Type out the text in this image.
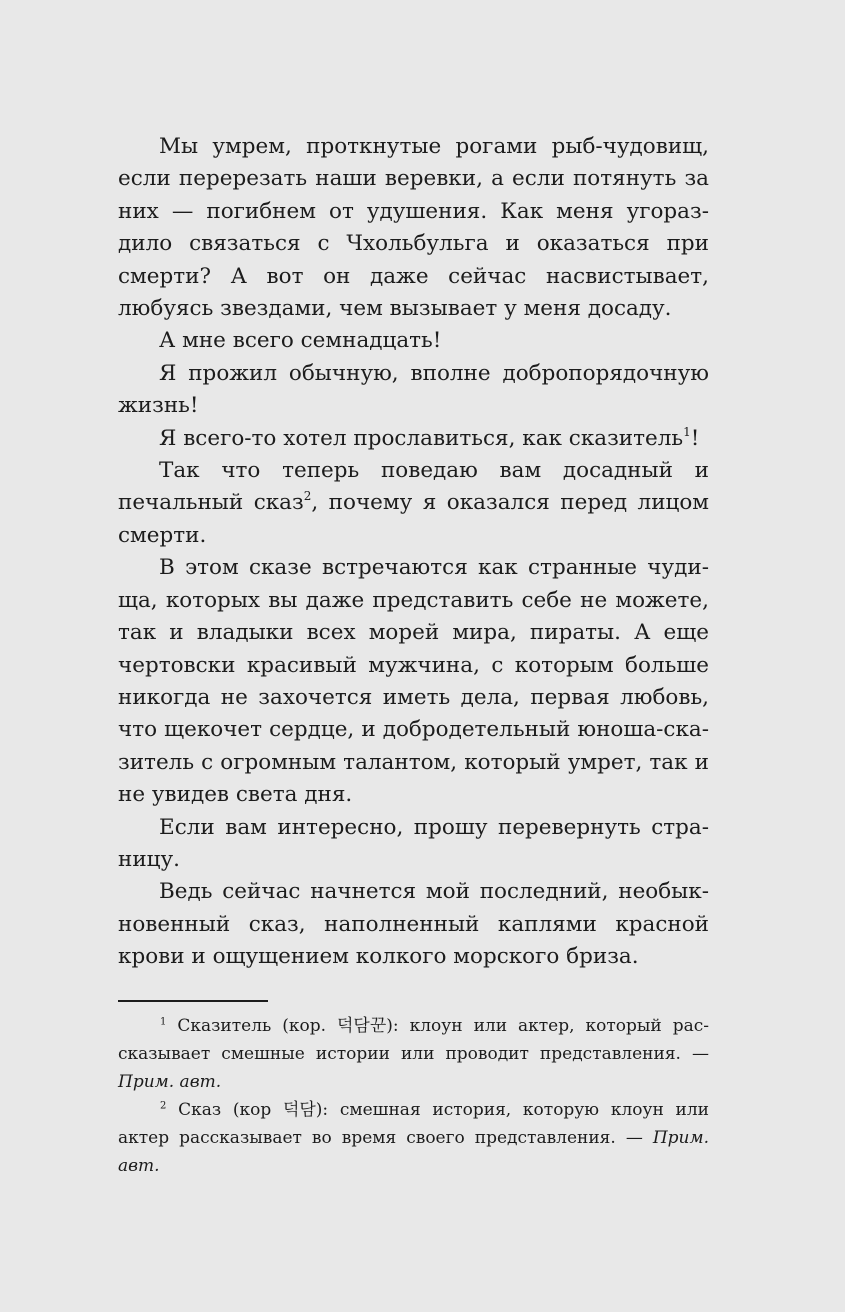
Мы умрем, проткнутые рогами рыб-чудовищ, если перерезать наши веревки, а если потянуть за них — погибнем от удушения. Как меня угораздило связаться с Чхольбульга и оказаться при смерти? А вот он даже сейчас насвистывает, любуясь звездами, чем вызывает у меня досаду.

А мне всего семнадцать!

Я прожил обычную, вполне добропорядочную жизнь!

Я всего-то хотел прославиться, как сказитель$^1$!

Так что теперь поведаю вам досадный и печальный сказ$^2$, почему я оказался перед лицом смерти.

В этом сказе встречаются как странные чудища, которых вы даже представить себе не можете, так и владыки всех морей мира, пираты. А еще чертовски красивый мужчина, с которым больше никогда не захочется иметь дела, первая любовь, что щекочет сердце, и добродетельный юноша-сказитель с огромным талантом, который умрет, так и не увидев света дня.

Если вам интересно, прошу перевернуть страницу.

Ведь сейчас начнется мой последний, необыкновенный сказ, наполненный каплями красной крови и ощущением колкого морского бриза.

$^1$ Сказитель (кор. 덕담꾼): клоун или актер, который рассказывает смешные истории или проводит представления. — Прим. авт.

$^2$ Сказ (кор 덕담): смешная история, которую клоун или актер рассказывает во время своего представления. — Прим. авт.
